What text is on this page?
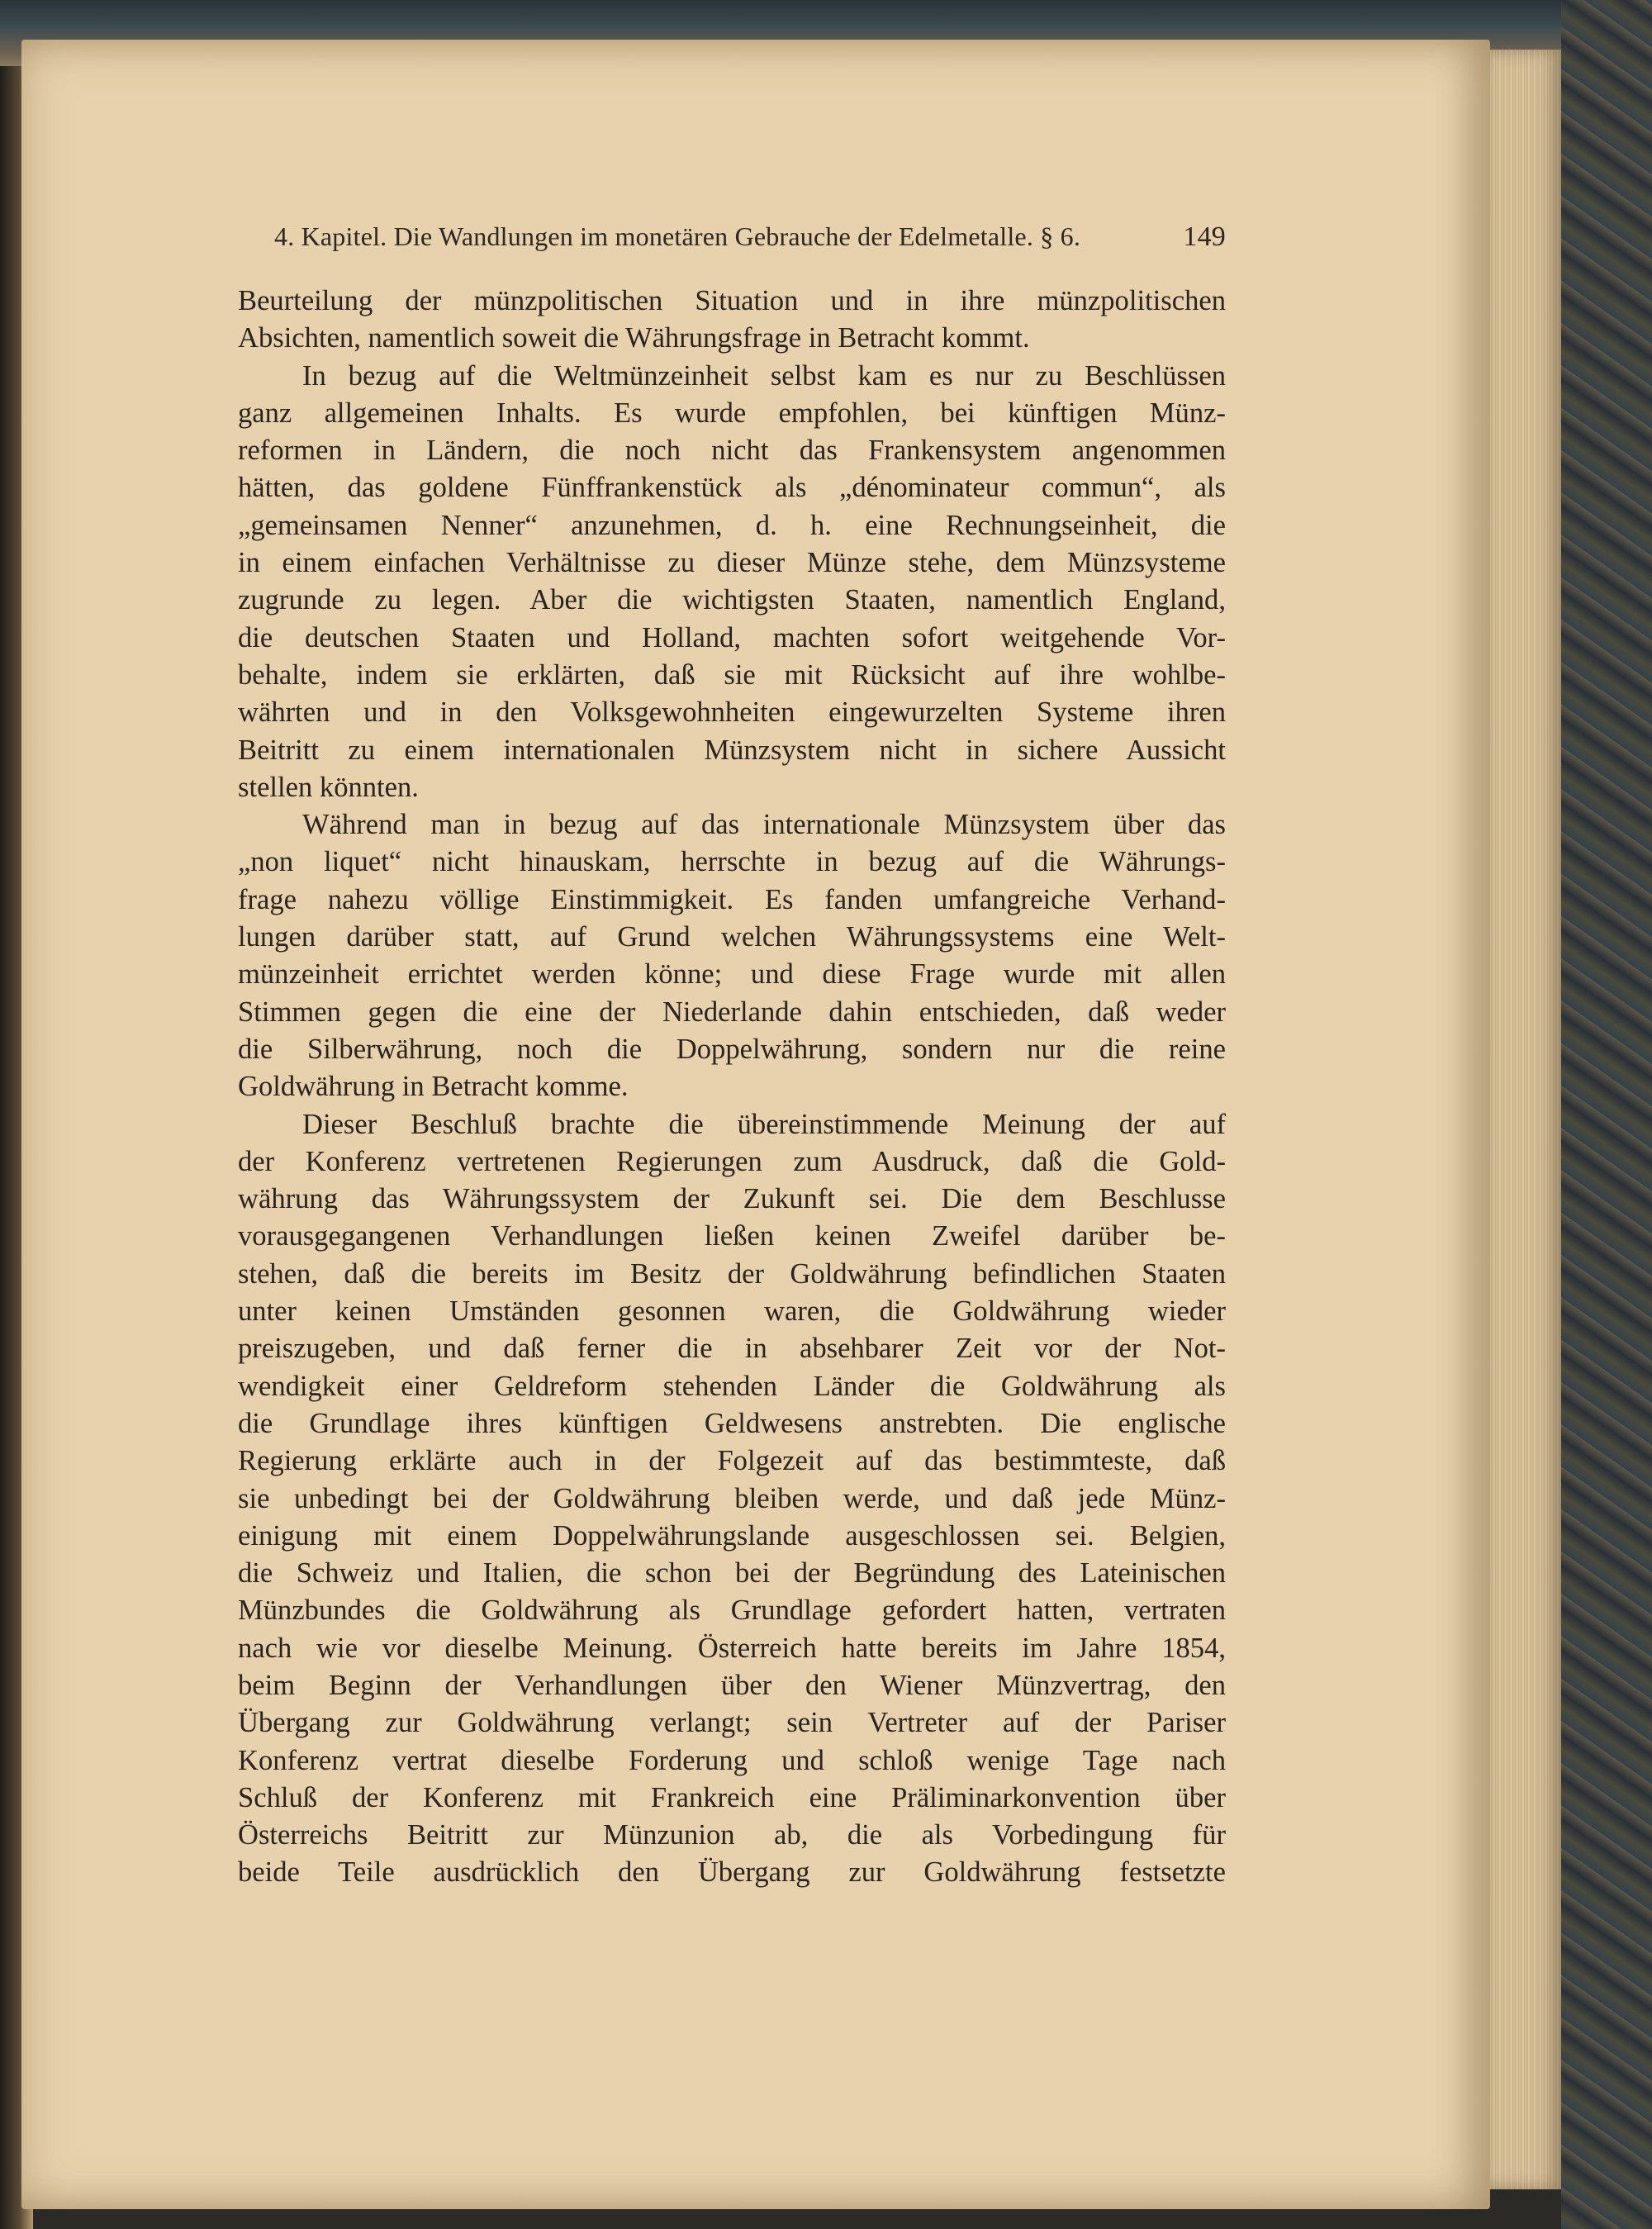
4. Kapitel. Die Wandlungen im monetären Gebrauche der Edelmetalle. § 6.	149
Beurteilung der münzpolitischen Situation und in ihre münzpolitischen
Absichten, namentlich soweit die Währungsfrage in Betracht kommt.
In bezug auf die Weltmünzeinheit selbst kam es nur zu Beschlüssen
ganz allgemeinen Inhalts. Es wurde empfohlen, bei künftigen Münz-
reformen in Ländern, die noch nicht das Frankensystem angenommen
hätten, das goldene Fünffrankenstück als „dénominateur commun“, als
„gemeinsamen Nenner“ anzunehmen, d. h. eine Rechnungseinheit, die
in einem einfachen Verhältnisse zu dieser Münze stehe, dem Münzsysteme
zugrunde zu legen. Aber die wichtigsten Staaten, namentlich England,
die deutschen Staaten und Holland, machten sofort weitgehende Vor-
behalte, indem sie erklärten, daß sie mit Rücksicht auf ihre wohlbe-
währten und in den Volksgewohnheiten eingewurzelten Systeme ihren
Beitritt zu einem internationalen Münzsystem nicht in sichere Aussicht
stellen könnten.
Während man in bezug auf das internationale Münzsystem über das
„non liquet“ nicht hinauskam, herrschte in bezug auf die Währungs-
frage nahezu völlige Einstimmigkeit. Es fanden umfangreiche Verhand-
lungen darüber statt, auf Grund welchen Währungssystems eine Welt-
münzeinheit errichtet werden könne; und diese Frage wurde mit allen
Stimmen gegen die eine der Niederlande dahin entschieden, daß weder
die Silberwährung, noch die Doppelwährung, sondern nur die reine
Goldwährung in Betracht komme.
Dieser Beschluß brachte die übereinstimmende Meinung der auf
der Konferenz vertretenen Regierungen zum Ausdruck, daß die Gold-
währung das Währungssystem der Zukunft sei. Die dem Beschlusse
vorausgegangenen Verhandlungen ließen keinen Zweifel darüber be-
stehen, daß die bereits im Besitz der Goldwährung befindlichen Staaten
unter keinen Umständen gesonnen waren, die Goldwährung wieder
preiszugeben, und daß ferner die in absehbarer Zeit vor der Not-
wendigkeit einer Geldreform stehenden Länder die Goldwährung als
die Grundlage ihres künftigen Geldwesens anstrebten. Die englische
Regierung erklärte auch in der Folgezeit auf das bestimmteste, daß
sie unbedingt bei der Goldwährung bleiben werde, und daß jede Münz-
einigung mit einem Doppelwährungslande ausgeschlossen sei. Belgien,
die Schweiz und Italien, die schon bei der Begründung des Lateinischen
Münzbundes die Goldwährung als Grundlage gefordert hatten, vertraten
nach wie vor dieselbe Meinung. Österreich hatte bereits im Jahre 1854,
beim Beginn der Verhandlungen über den Wiener Münzvertrag, den
Übergang zur Goldwährung verlangt; sein Vertreter auf der Pariser
Konferenz vertrat dieselbe Forderung und schloß wenige Tage nach
Schluß der Konferenz mit Frankreich eine Präliminarkonvention über
Österreichs Beitritt zur Münzunion ab, die als Vorbedingung für
beide Teile ausdrücklich den Übergang zur Goldwährung festsetzte
